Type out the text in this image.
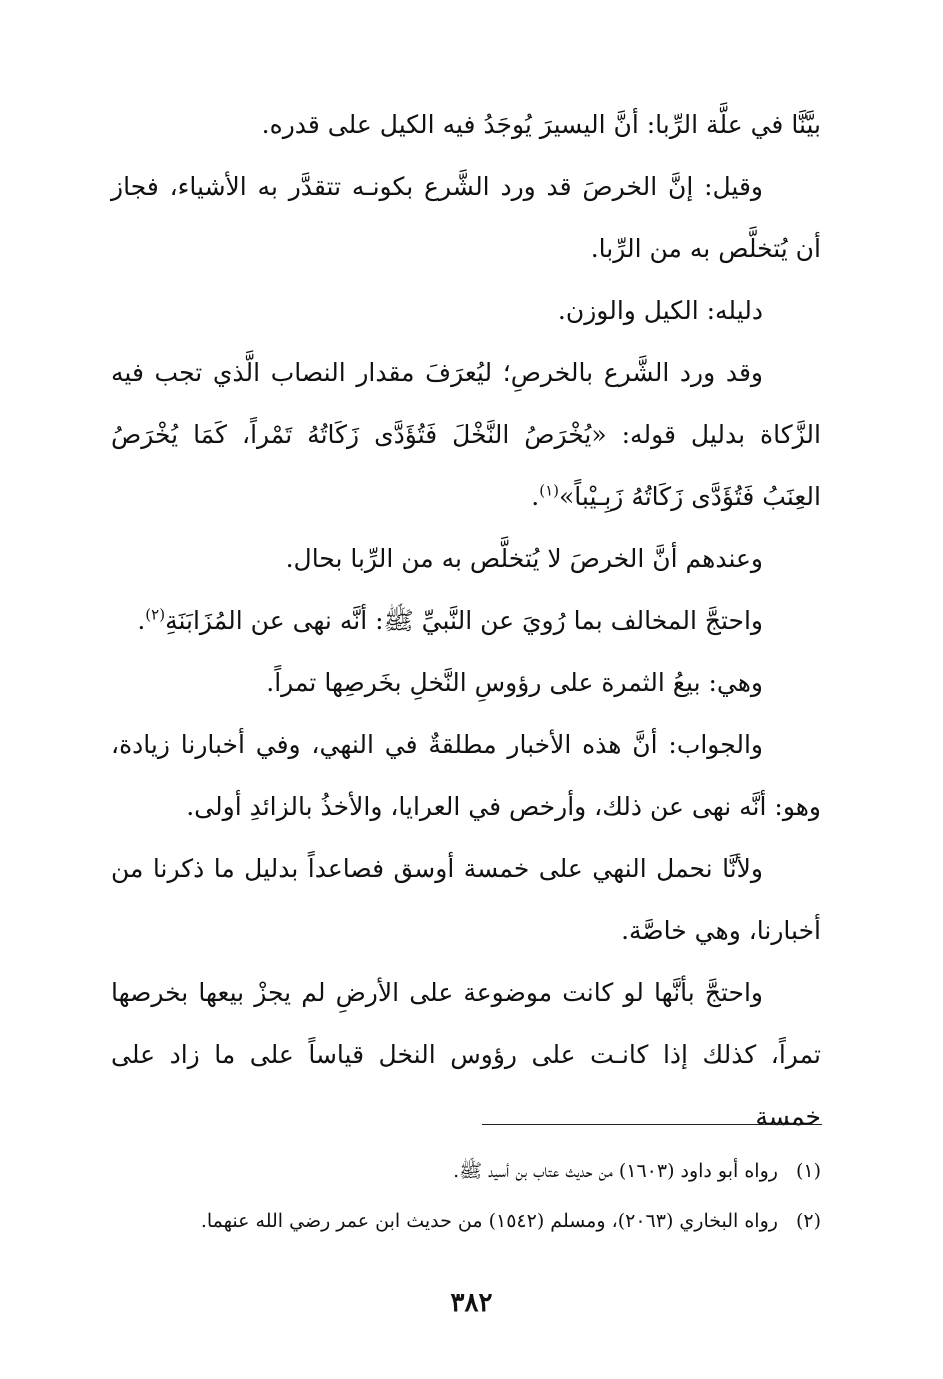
بيَّنَّا في علَّة الرِّبا: أنَّ اليسيرَ يُوجَدُ فيه الكيل على قدره.

وقيل: إنَّ الخرصَ قد ورد الشَّرع بكونـه تتقدَّر به الأشياء، فجاز أن يُتخلَّص به من الرِّبا.

دليله: الكيل والوزن.

وقد ورد الشَّرع بالخرصِ؛ ليُعرَفَ مقدار النصاب الَّذي تجب فيه الزَّكاة بدليل قوله: «يُخْرَصُ النَّخْلَ فَتُؤَدَّى زَكَاتُهُ تَمْراً، كَمَا يُخْرَصُ العِنَبُ فَتُؤَدَّى زَكَاتُهُ زَبِـيْباً»$^{(١)}$.

وعندهم أنَّ الخرصَ لا يُتخلَّص به من الرِّبا بحال.

واحتجَّ المخالف بما رُويَ عن النَّبيِّ ﷺ: أنَّه نهى عن المُزَابَنَةِ$^{(٢)}$.

وهي: بيعُ الثمرة على رؤوسِ النَّخلِ بخَرصِها تمراً.

والجواب: أنَّ هذه الأخبار مطلقةٌ في النهي، وفي أخبارنا زيادة، وهو: أنَّه نهى عن ذلك، وأرخص في العرايا، والأخذُ بالزائدِ أولى.

ولأنَّا نحمل النهي على خمسة أوسق فصاعداً بدليل ما ذكرنا من أخبارنا، وهي خاصَّة.

واحتجَّ بأنَّها لو كانت موضوعة على الأرضِ لم يجزْ بيعها بخرصها تمراً، كذلك إذا كانـت على رؤوس النخل قياساً على ما زاد على خمسة

(١)رواه أبو داود (١٦٠٣) من حديث عتاب بن أسيد ﷺ.

(٢)رواه البخاري (٢٠٦٣)، ومسلم (١٥٤٢) من حديث ابن عمر رضي الله عنهما.

٣٨٢
